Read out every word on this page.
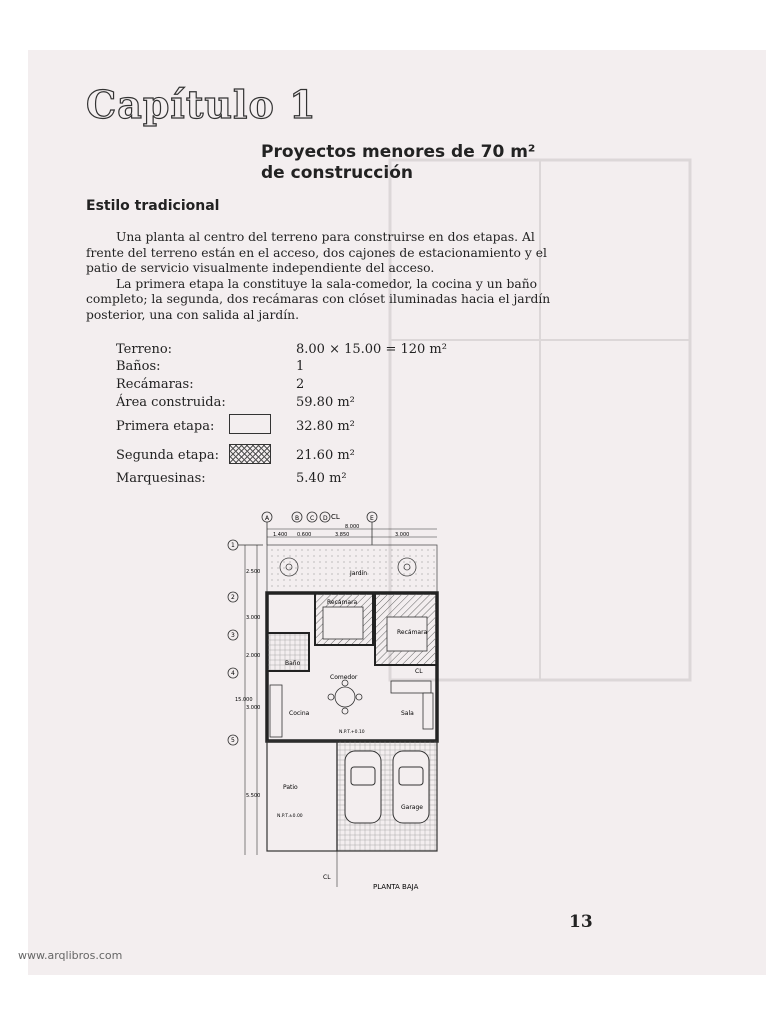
Capítulo 1
Proyectos menores de 70 m²
de construcción
Estilo tradicional

Una planta al centro del terreno para construirse en dos etapas. Al frente del terreno están en el acceso, dos cajones de estacionamiento y el patio de servicio visualmente independiente del acceso.

La primera etapa la constituye la sala-comedor, la cocina y un baño completo; la segunda, dos recámaras con clóset iluminadas hacia el jardín posterior, una con salida al jardín.

Terreno:	8.00 × 15.00 = 120 m²
Baños:	1
Recámaras:	2
Área construida:	59.80 m²
Primera etapa:	32.80 m²
Segunda etapa:	21.60 m²
Marquesinas:	5.40 m²
A	B C D	E
CL
8.000
1.400 0.600	3.850	3.000
1
2
3
4
5
15.000
2.500
3.000
2.000
3.000
5.500
Jardín
Recámara
Recámara
CL
Baño
Comedor
Cocina	Sala
N.P.T.+0.10
Patio
N.P.T.±0.00
Garage
CL
PLANTA BAJA
13
www.arqlibros.com
